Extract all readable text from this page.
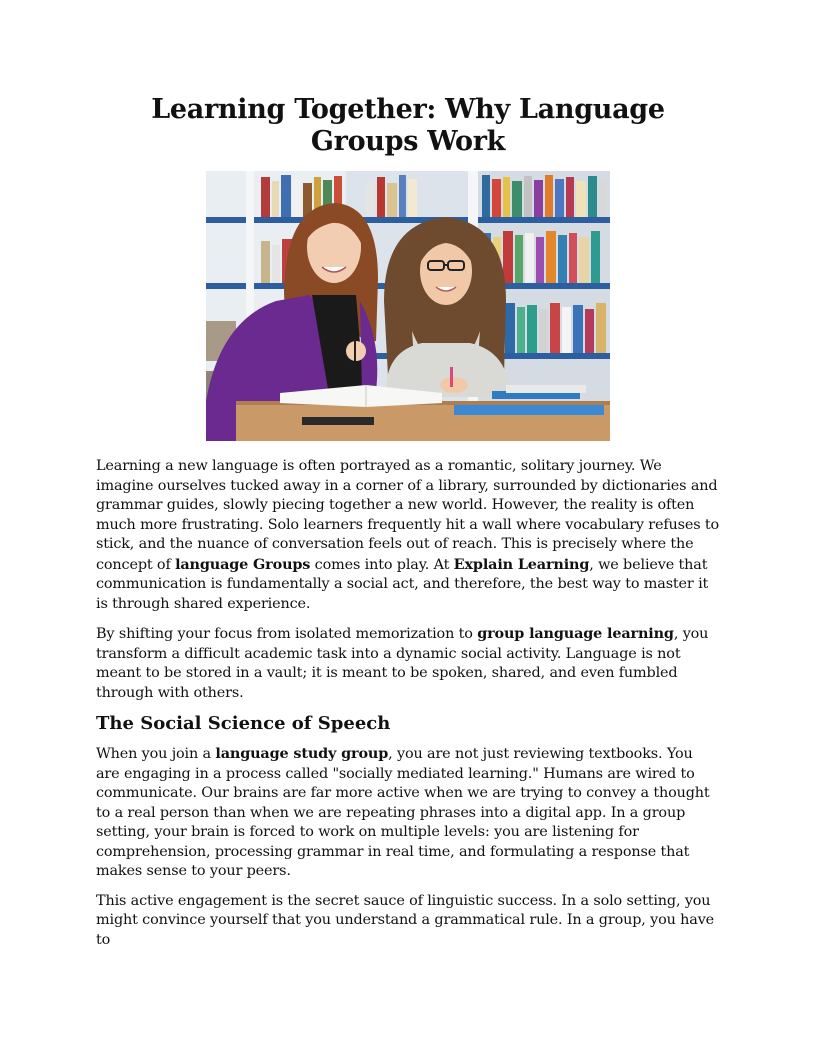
Learning Together: Why Language Groups Work

Learning a new language is often portrayed as a romantic, solitary journey. We imagine ourselves tucked away in a corner of a library, surrounded by dictionaries and grammar guides, slowly piecing together a new world. However, the reality is often much more frustrating. Solo learners frequently hit a wall where vocabulary refuses to stick, and the nuance of conversation feels out of reach. This is precisely where the concept of language Groups comes into play. At Explain Learning, we believe that communication is fundamentally a social act, and therefore, the best way to master it is through shared experience.

By shifting your focus from isolated memorization to group language learning, you transform a difficult academic task into a dynamic social activity. Language is not meant to be stored in a vault; it is meant to be spoken, shared, and even fumbled through with others.

The Social Science of Speech

When you join a language study group, you are not just reviewing textbooks. You are engaging in a process called "socially mediated learning." Humans are wired to communicate. Our brains are far more active when we are trying to convey a thought to a real person than when we are repeating phrases into a digital app. In a group setting, your brain is forced to work on multiple levels: you are listening for comprehension, processing grammar in real time, and formulating a response that makes sense to your peers.

This active engagement is the secret sauce of linguistic success. In a solo setting, you might convince yourself that you understand a grammatical rule. In a group, you have to
